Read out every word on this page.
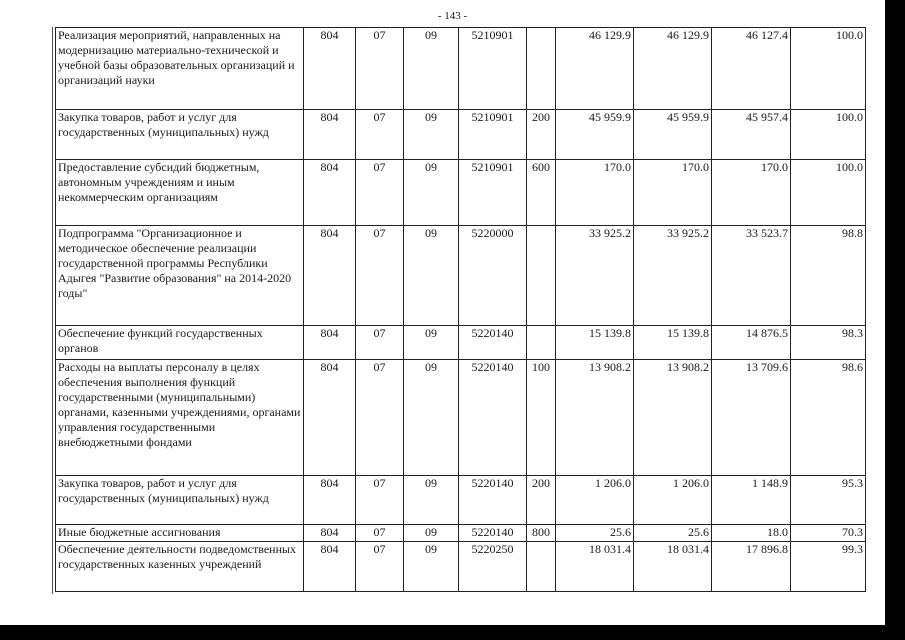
- 143 -
Реализация мероприятий, направленных на модернизацию материально-технической и учебной базы образовательных организаций и организаций науки	804	07	09	5210901		46 129.9	46 129.9	46 127.4	100.0
Закупка товаров, работ и услуг для государственных (муниципальных) нужд	804	07	09	5210901	200	45 959.9	45 959.9	45 957.4	100.0
Предоставление субсидий бюджетным, автономным учреждениям и иным некоммерческим организациям	804	07	09	5210901	600	170.0	170.0	170.0	100.0
Подпрограмма "Организационное и методическое обеспечение реализации государственной программы Республики Адыгея "Развитие образования" на 2014-2020 годы"	804	07	09	5220000		33 925.2	33 925.2	33 523.7	98.8
Обеспечение функций государственных органов	804	07	09	5220140		15 139.8	15 139.8	14 876.5	98.3
Расходы на выплаты персоналу в целях обеспечения выполнения функций государственными (муниципальными) органами, казенными учреждениями, органами управления государственными внебюджетными фондами	804	07	09	5220140	100	13 908.2	13 908.2	13 709.6	98.6
Закупка товаров, работ и услуг для государственных (муниципальных) нужд	804	07	09	5220140	200	1 206.0	1 206.0	1 148.9	95.3
Иные бюджетные ассигнования	804	07	09	5220140	800	25.6	25.6	18.0	70.3
Обеспечение деятельности подведомственных государственных казенных учреждений	804	07	09	5220250		18 031.4	18 031.4	17 896.8	99.3
